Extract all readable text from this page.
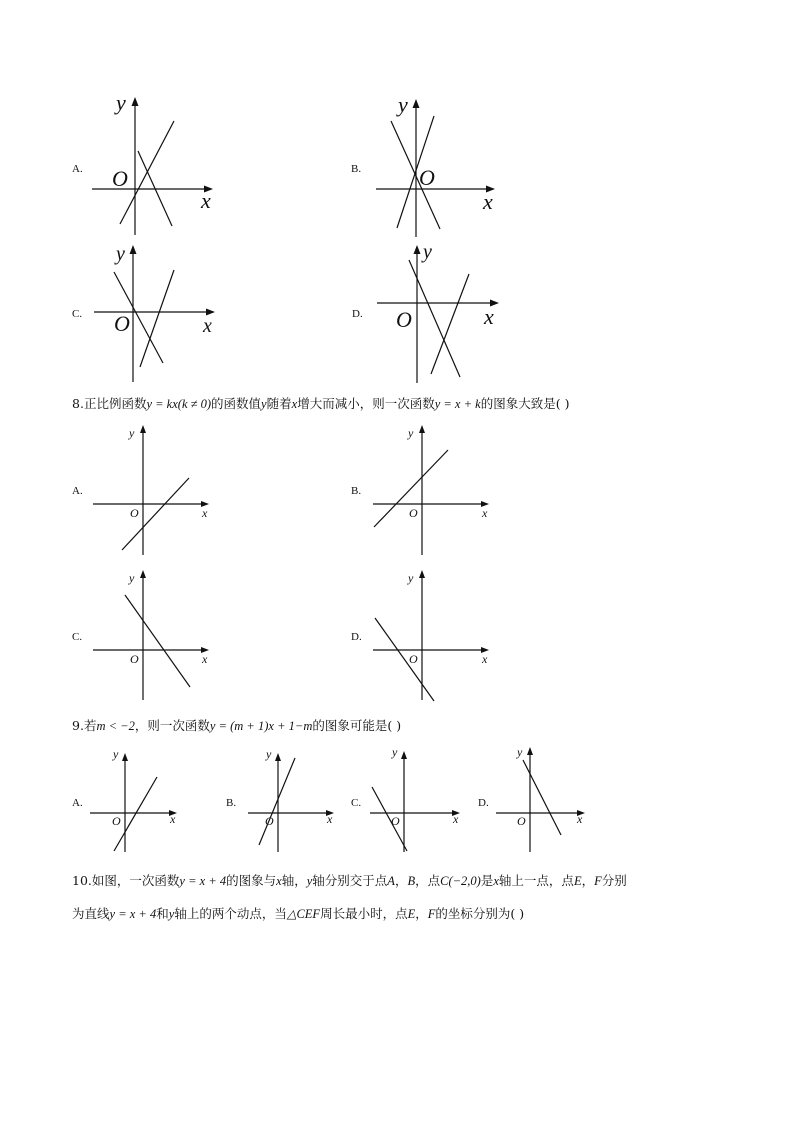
A.
y
x
O	B.
y
x
O
C.
y
x
O	D.
y
x
O
8.正比例函数y = kx(k ≠ 0)的函数值y随着x增大而减小，则一次函数y = x + k的图象大致是( )
A.
y
x
O
B.
y
x
O
C.
y
x
O
D.
y
x
O
9.若m < −2，则一次函数y = (m + 1)x + 1−m的图象可能是( )
A.
y
x
O
B.
y
x
O
C.
y
x
O
D.
y
x
O
10.如图，一次函数y = x + 4的图象与x轴，y轴分别交于点A，B，点C(−2,0)是x轴上一点，点E，F分别
为直线y = x + 4和y轴上的两个动点，当△CEF周长最小时，点E，F的坐标分别为( )
